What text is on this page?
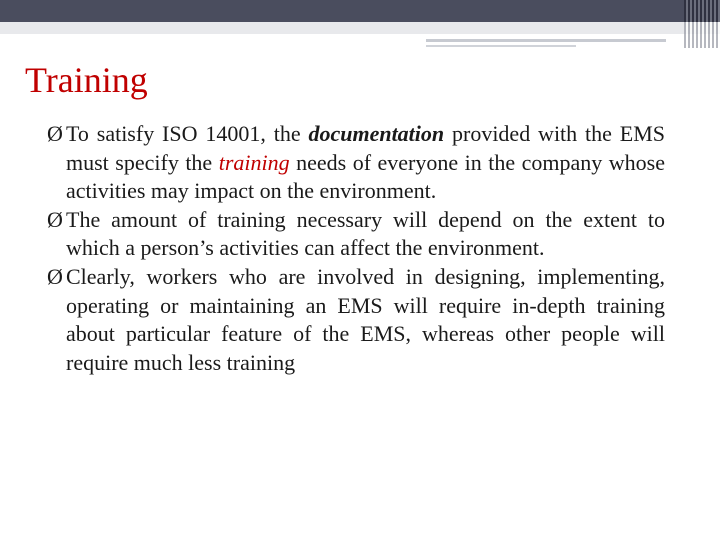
Training

Ø To satisfy ISO 14001, the documentation provided with the EMS must specify the training needs of everyone in the company whose activities may impact on the environment.

Ø The amount of training necessary will depend on the extent to which a person’s activities can affect the environment.

Ø Clearly, workers who are involved in designing, implementing, operating or maintaining an EMS will require in-depth training about particular feature of the EMS, whereas other people will require much less training
